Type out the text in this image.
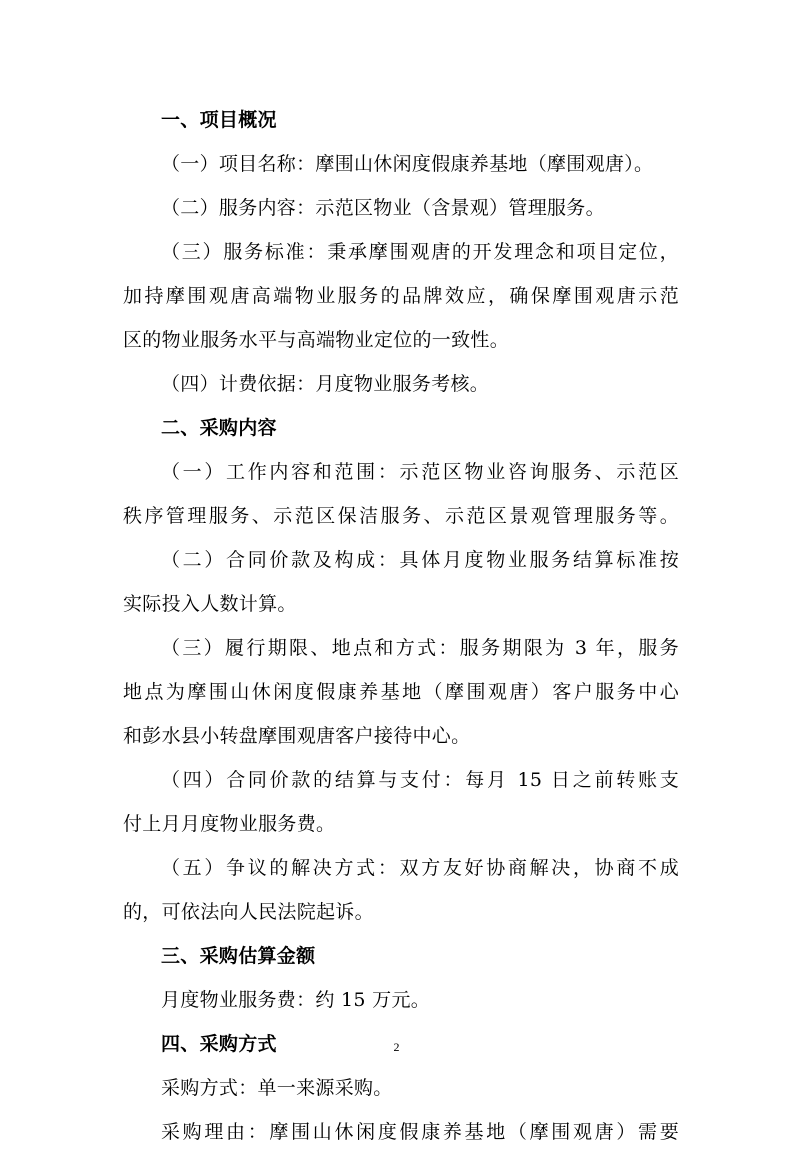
一、项目概况
（一）项目名称：摩围山休闲度假康养基地（摩围观唐）。
（二）服务内容：示范区物业（含景观）管理服务。
（三）服务标准：秉承摩围观唐的开发理念和项目定位，
加持摩围观唐高端物业服务的品牌效应，确保摩围观唐示范
区的物业服务水平与高端物业定位的一致性。
（四）计费依据：月度物业服务考核。
二、采购内容
（一）工作内容和范围：示范区物业咨询服务、示范区
秩序管理服务、示范区保洁服务、示范区景观管理服务等。
（二）合同价款及构成：具体月度物业服务结算标准按
实际投入人数计算。
（三）履行期限、地点和方式：服务期限为 3 年，服务
地点为摩围山休闲度假康养基地（摩围观唐）客户服务中心
和彭水县小转盘摩围观唐客户接待中心。
（四）合同价款的结算与支付：每月 15 日之前转账支
付上月月度物业服务费。
（五）争议的解决方式：双方友好协商解决，协商不成
的，可依法向人民法院起诉。
三、采购估算金额
月度物业服务费：约 15 万元。
四、采购方式
采购方式：单一来源采购。
采购理由：摩围山休闲度假康养基地（摩围观唐）需要
2
